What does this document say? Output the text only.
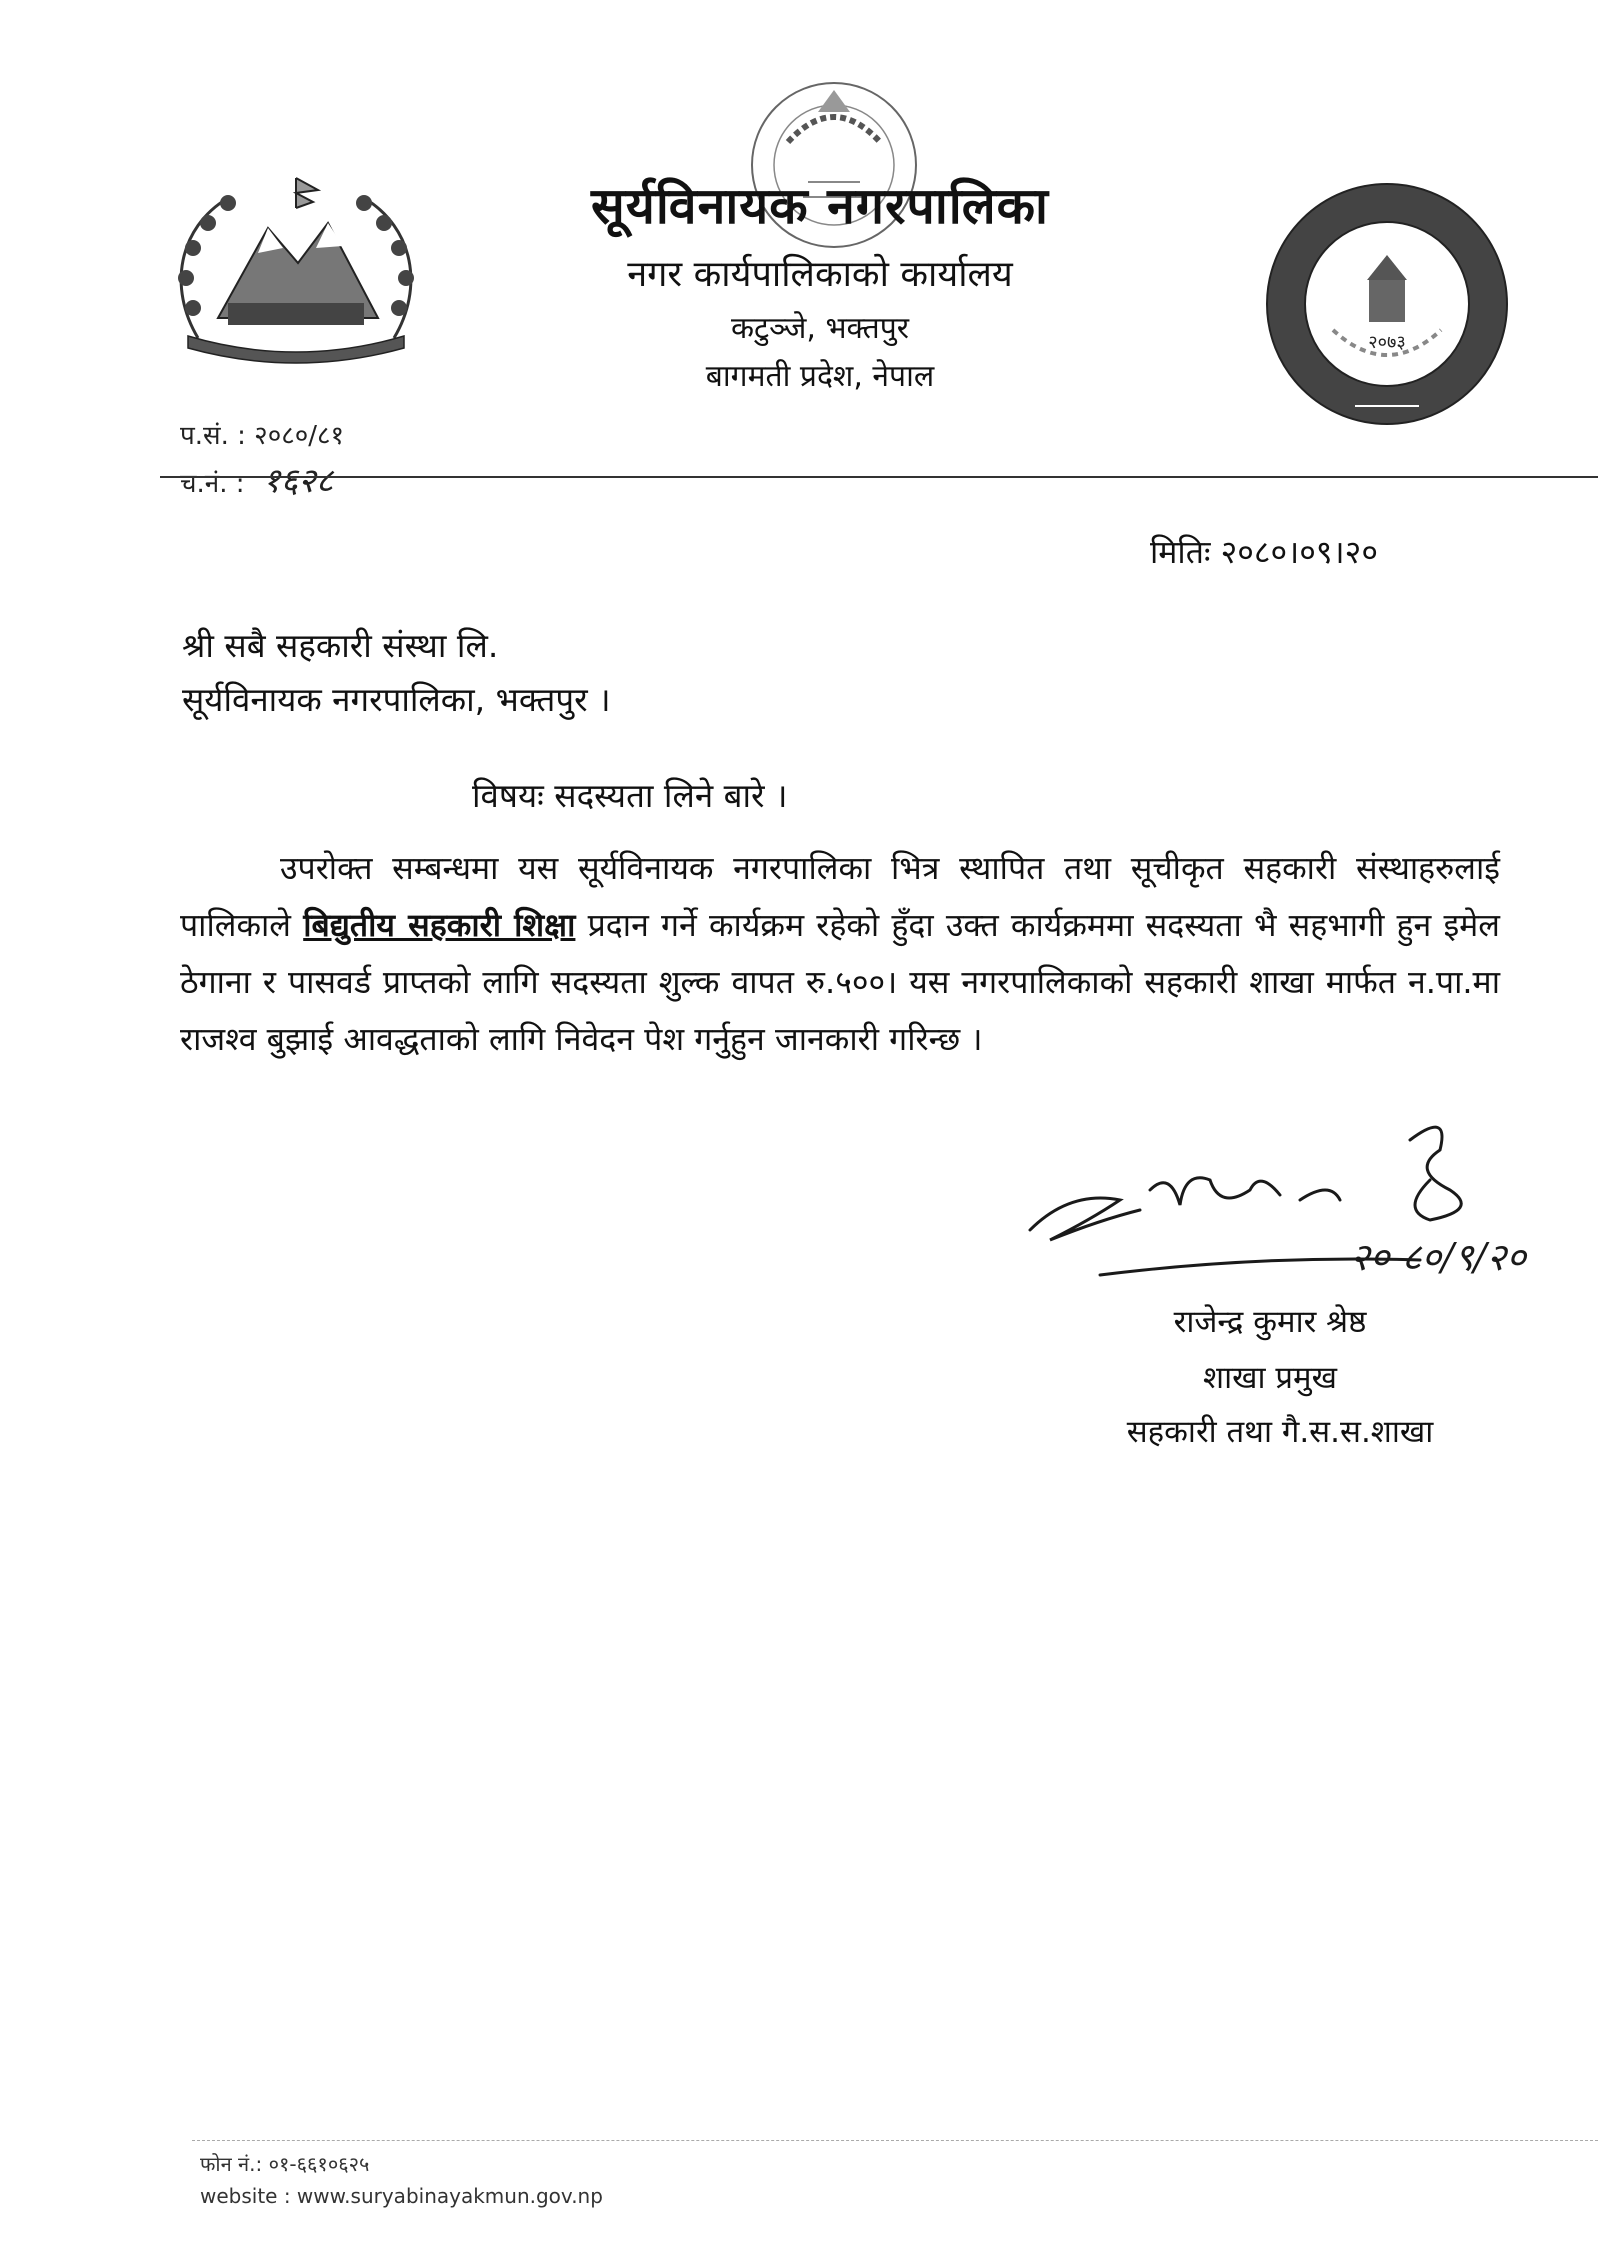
२०७३
सूर्यविनायक नगरपालिका
नगर कार्यपालिकाको कार्यालय
कटुञ्जे, भक्तपुर
बागमती प्रदेश, नेपाल
प.सं. : २०८०/८१
च.नं. : १६२८
मितिः २०८०।०९।२०
श्री सबै सहकारी संस्था लि.
सूर्यविनायक नगरपालिका, भक्तपुर ।
विषयः सदस्यता लिने बारे ।
उपरोक्त सम्बन्धमा यस सूर्यविनायक नगरपालिका भित्र स्थापित तथा सूचीकृत सहकारी संस्थाहरुलाई पालिकाले बिद्युतीय सहकारी शिक्षा प्रदान गर्ने कार्यक्रम रहेको हुँदा उक्त कार्यक्रममा सदस्यता भै सहभागी हुन इमेल ठेगाना र पासवर्ड प्राप्तको लागि सदस्यता शुल्क वापत रु.५००। यस नगरपालिकाको सहकारी शाखा मार्फत न.पा.मा राजश्व बुझाई आवद्धताको लागि निवेदन पेश गर्नुहुन जानकारी गरिन्छ ।
२० ८०/९/२०
राजेन्द्र कुमार श्रेष्ठ
शाखा प्रमुख
सहकारी तथा गै.स.स.शाखा
फोन नं.: ०१-६६१०६२५
website : www.suryabinayakmun.gov.np
